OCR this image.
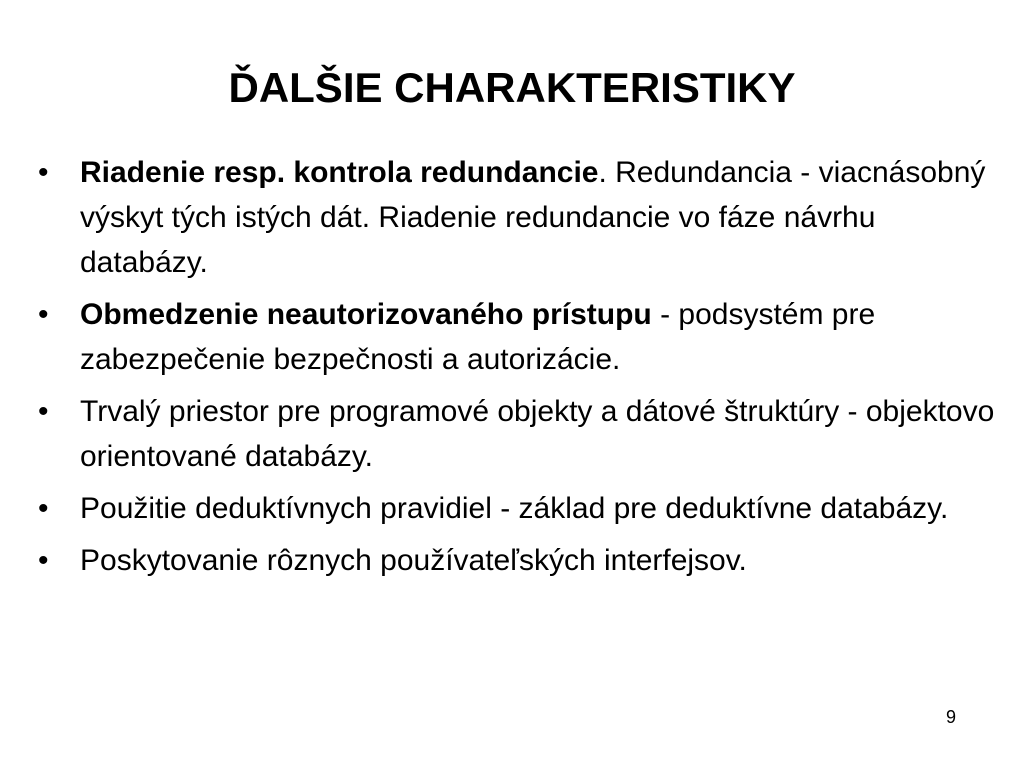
ĎALŠIE CHARAKTERISTIKY
•	Riadenie resp. kontrola redundancie. Redundancia - viacnásobný výskyt tých istých dát. Riadenie redundancie vo fáze návrhu databázy.
•	Obmedzenie neautorizovaného prístupu - podsystém pre zabezpečenie bezpečnosti a autorizácie.
•	Trvalý priestor pre programové objekty a dátové štruktúry - objektovo orientované databázy.
•	Použitie deduktívnych pravidiel - základ pre deduktívne databázy.
•	Poskytovanie rôznych používateľských interfejsov.
9
